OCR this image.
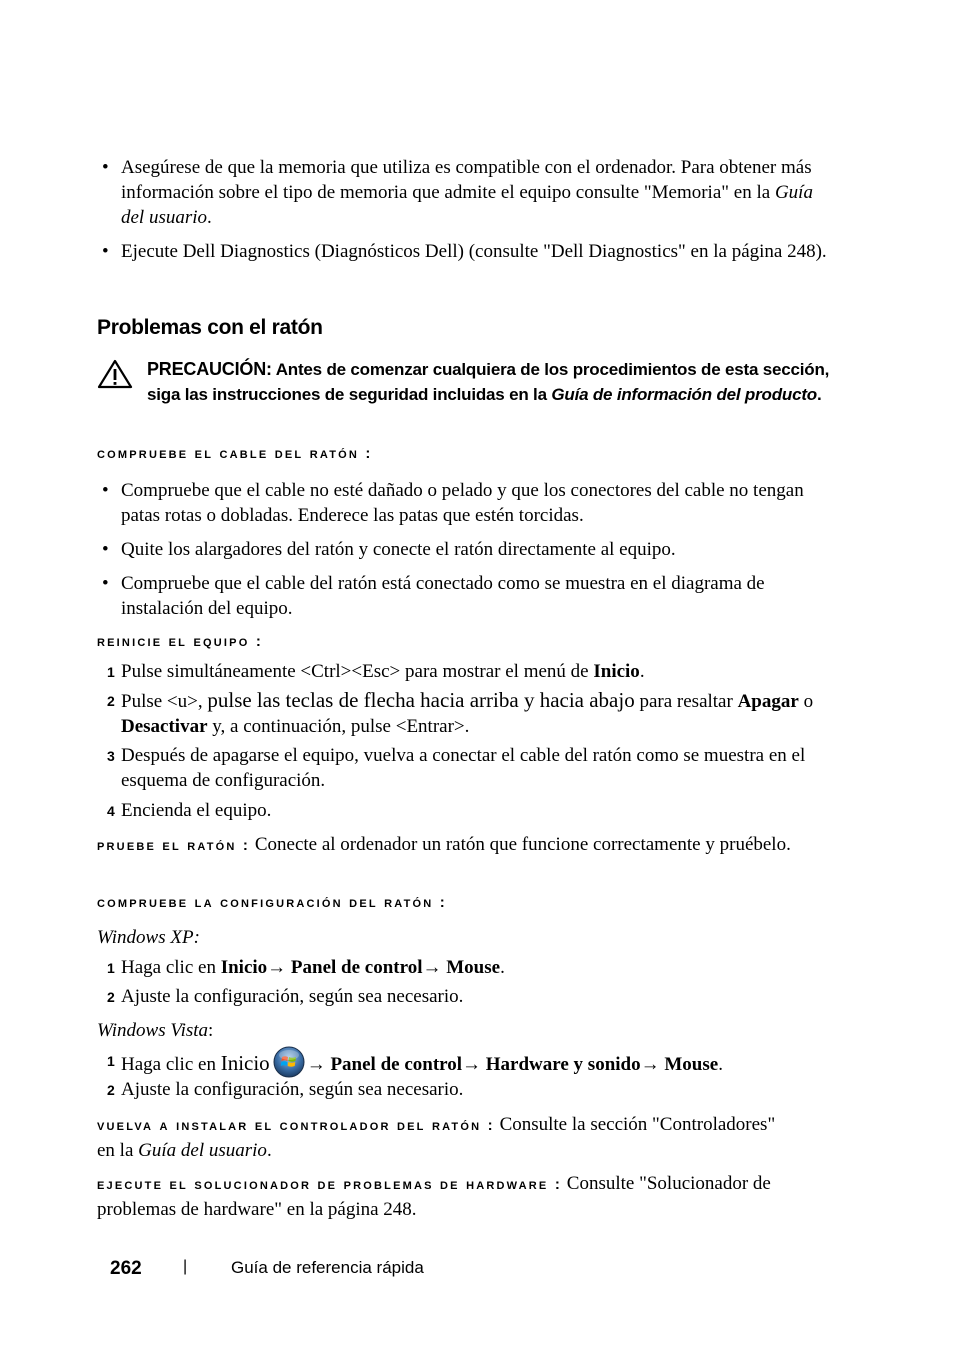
• Asegúrese de que la memoria que utiliza es compatible con el ordenador. Para obtener más información sobre el tipo de memoria que admite el equipo consulte "Memoria" en la Guía del usuario.
• Ejecute Dell Diagnostics (Diagnósticos Dell) (consulte "Dell Diagnostics" en la página 248).
Problemas con el ratón
PRECAUCIÓN: Antes de comenzar cualquiera de los procedimientos de esta sección, siga las instrucciones de seguridad incluidas en la Guía de información del producto.
compruebe el cable del ratón :
• Compruebe que el cable no esté dañado o pelado y que los conectores del cable no tengan patas rotas o dobladas. Enderece las patas que estén torcidas.
• Quite los alargadores del ratón y conecte el ratón directamente al equipo.
• Compruebe que el cable del ratón está conectado como se muestra en el diagrama de instalación del equipo.
reinicie el equipo :
1 Pulse simultáneamente <Ctrl><Esc> para mostrar el menú de Inicio.
2 Pulse <u>, pulse las teclas de flecha hacia arriba y hacia abajo para resaltar Apagar o Desactivar y, a continuación, pulse <Entrar>.
3 Después de apagarse el equipo, vuelva a conectar el cable del ratón como se muestra en el esquema de configuración.
4 Encienda el equipo.
pruebe el ratón : Conecte al ordenador un ratón que funcione correctamente y pruébelo.
compruebe la configuración del ratón :
Windows XP:
1 Haga clic en Inicio→ Panel de control→ Mouse.
2 Ajuste la configuración, según sea necesario.
Windows Vista:
1 Haga clic en Inicio → Panel de control→ Hardware y sonido→ Mouse.
2 Ajuste la configuración, según sea necesario.
vuelva a instalar el controlador del ratón : Consulte la sección "Controladores" en la Guía del usuario.
ejecute el solucionador de problemas de hardware : Consulte "Solucionador de problemas de hardware" en la página 248.
262	|	Guía de referencia rápida
